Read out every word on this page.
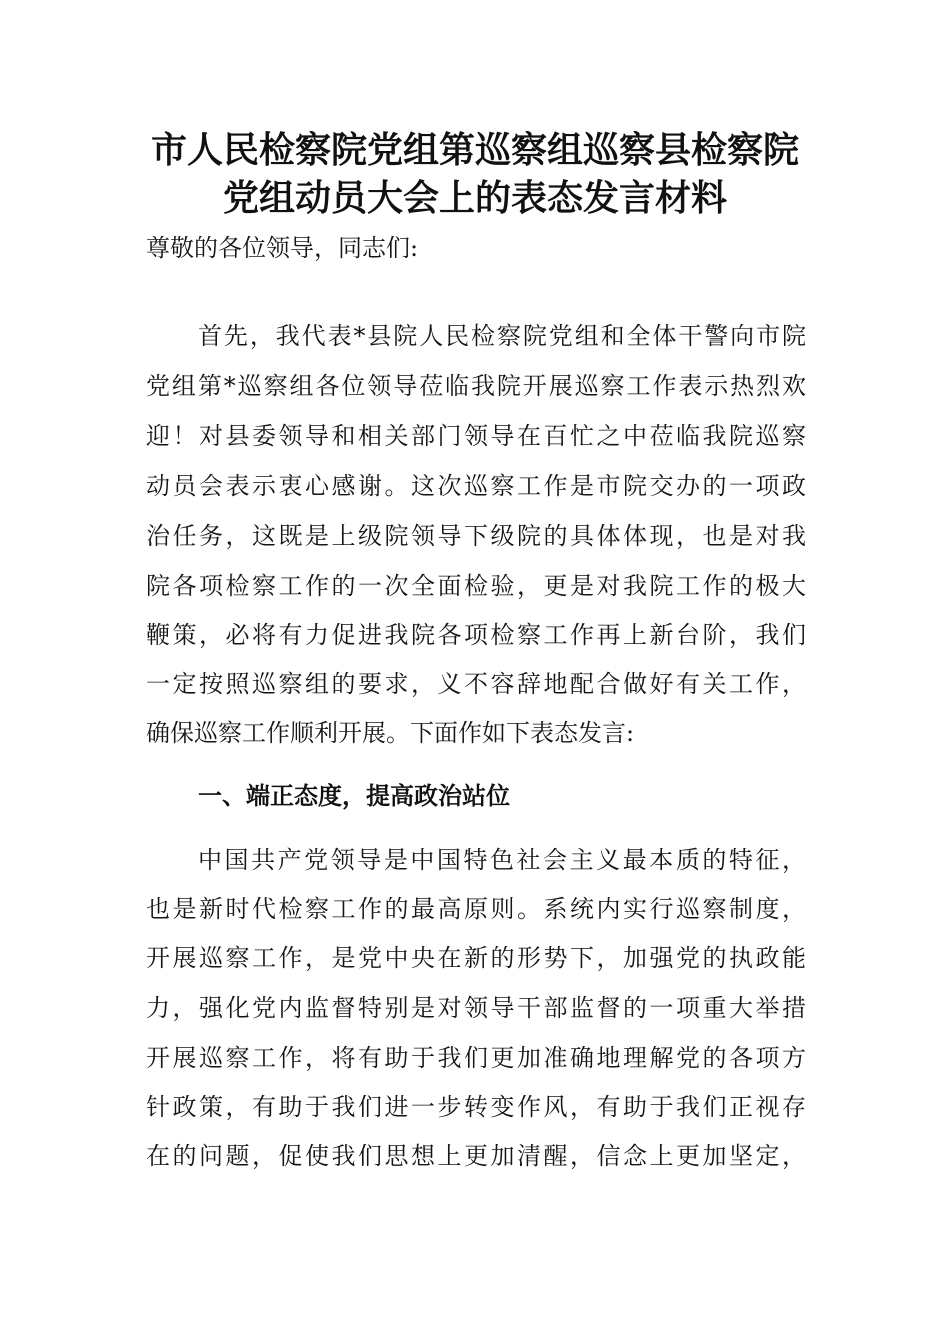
市人民检察院党组第巡察组巡察县检察院
党组动员大会上的表态发言材料
尊敬的各位领导，同志们:
首先，我代表*县院人民检察院党组和全体干警向市院
党组第*巡察组各位领导莅临我院开展巡察工作表示热烈欢
迎！对县委领导和相关部门领导在百忙之中莅临我院巡察
动员会表示衷心感谢。这次巡察工作是市院交办的一项政
治任务，这既是上级院领导下级院的具体体现，也是对我
院各项检察工作的一次全面检验，更是对我院工作的极大
鞭策，必将有力促进我院各项检察工作再上新台阶，我们
一定按照巡察组的要求，义不容辞地配合做好有关工作，
确保巡察工作顺利开展。下面作如下表态发言:
一、端正态度，提高政治站位
中国共产党领导是中国特色社会主义最本质的特征，
也是新时代检察工作的最高原则。系统内实行巡察制度，
开展巡察工作，是党中央在新的形势下，加强党的执政能
力，强化党内监督特别是对领导干部监督的一项重大举措
开展巡察工作，将有助于我们更加准确地理解党的各项方
针政策，有助于我们进一步转变作风，有助于我们正视存
在的问题，促使我们思想上更加清醒，信念上更加坚定，
